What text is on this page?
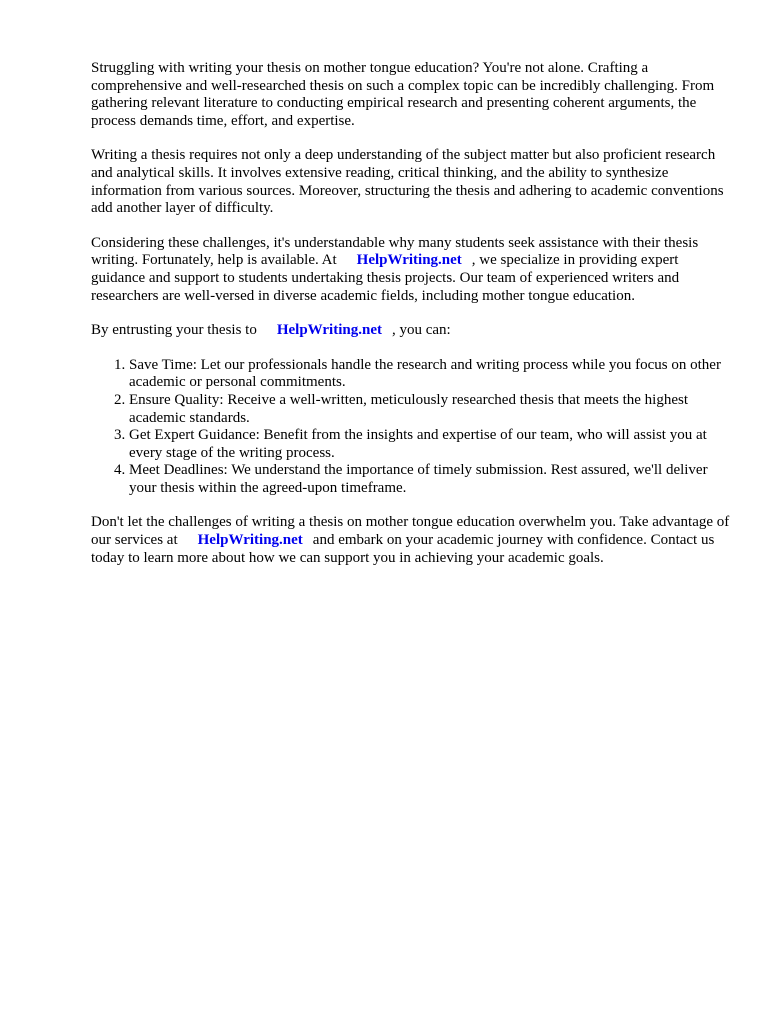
Struggling with writing your thesis on mother tongue education? You're not alone. Crafting a comprehensive and well-researched thesis on such a complex topic can be incredibly challenging. From gathering relevant literature to conducting empirical research and presenting coherent arguments, the process demands time, effort, and expertise.

Writing a thesis requires not only a deep understanding of the subject matter but also proficient research and analytical skills. It involves extensive reading, critical thinking, and the ability to synthesize information from various sources. Moreover, structuring the thesis and adhering to academic conventions add another layer of difficulty.

Considering these challenges, it's understandable why many students seek assistance with their thesis writing. Fortunately, help is available. At HelpWriting.net , we specialize in providing expert guidance and support to students undertaking thesis projects. Our team of experienced writers and researchers are well-versed in diverse academic fields, including mother tongue education.

By entrusting your thesis to HelpWriting.net , you can:

1. Save Time: Let our professionals handle the research and writing process while you focus on other academic or personal commitments.
2. Ensure Quality: Receive a well-written, meticulously researched thesis that meets the highest academic standards.
3. Get Expert Guidance: Benefit from the insights and expertise of our team, who will assist you at every stage of the writing process.
4. Meet Deadlines: We understand the importance of timely submission. Rest assured, we'll deliver your thesis within the agreed-upon timeframe.

Don't let the challenges of writing a thesis on mother tongue education overwhelm you. Take advantage of our services at HelpWriting.net and embark on your academic journey with confidence. Contact us today to learn more about how we can support you in achieving your academic goals.
